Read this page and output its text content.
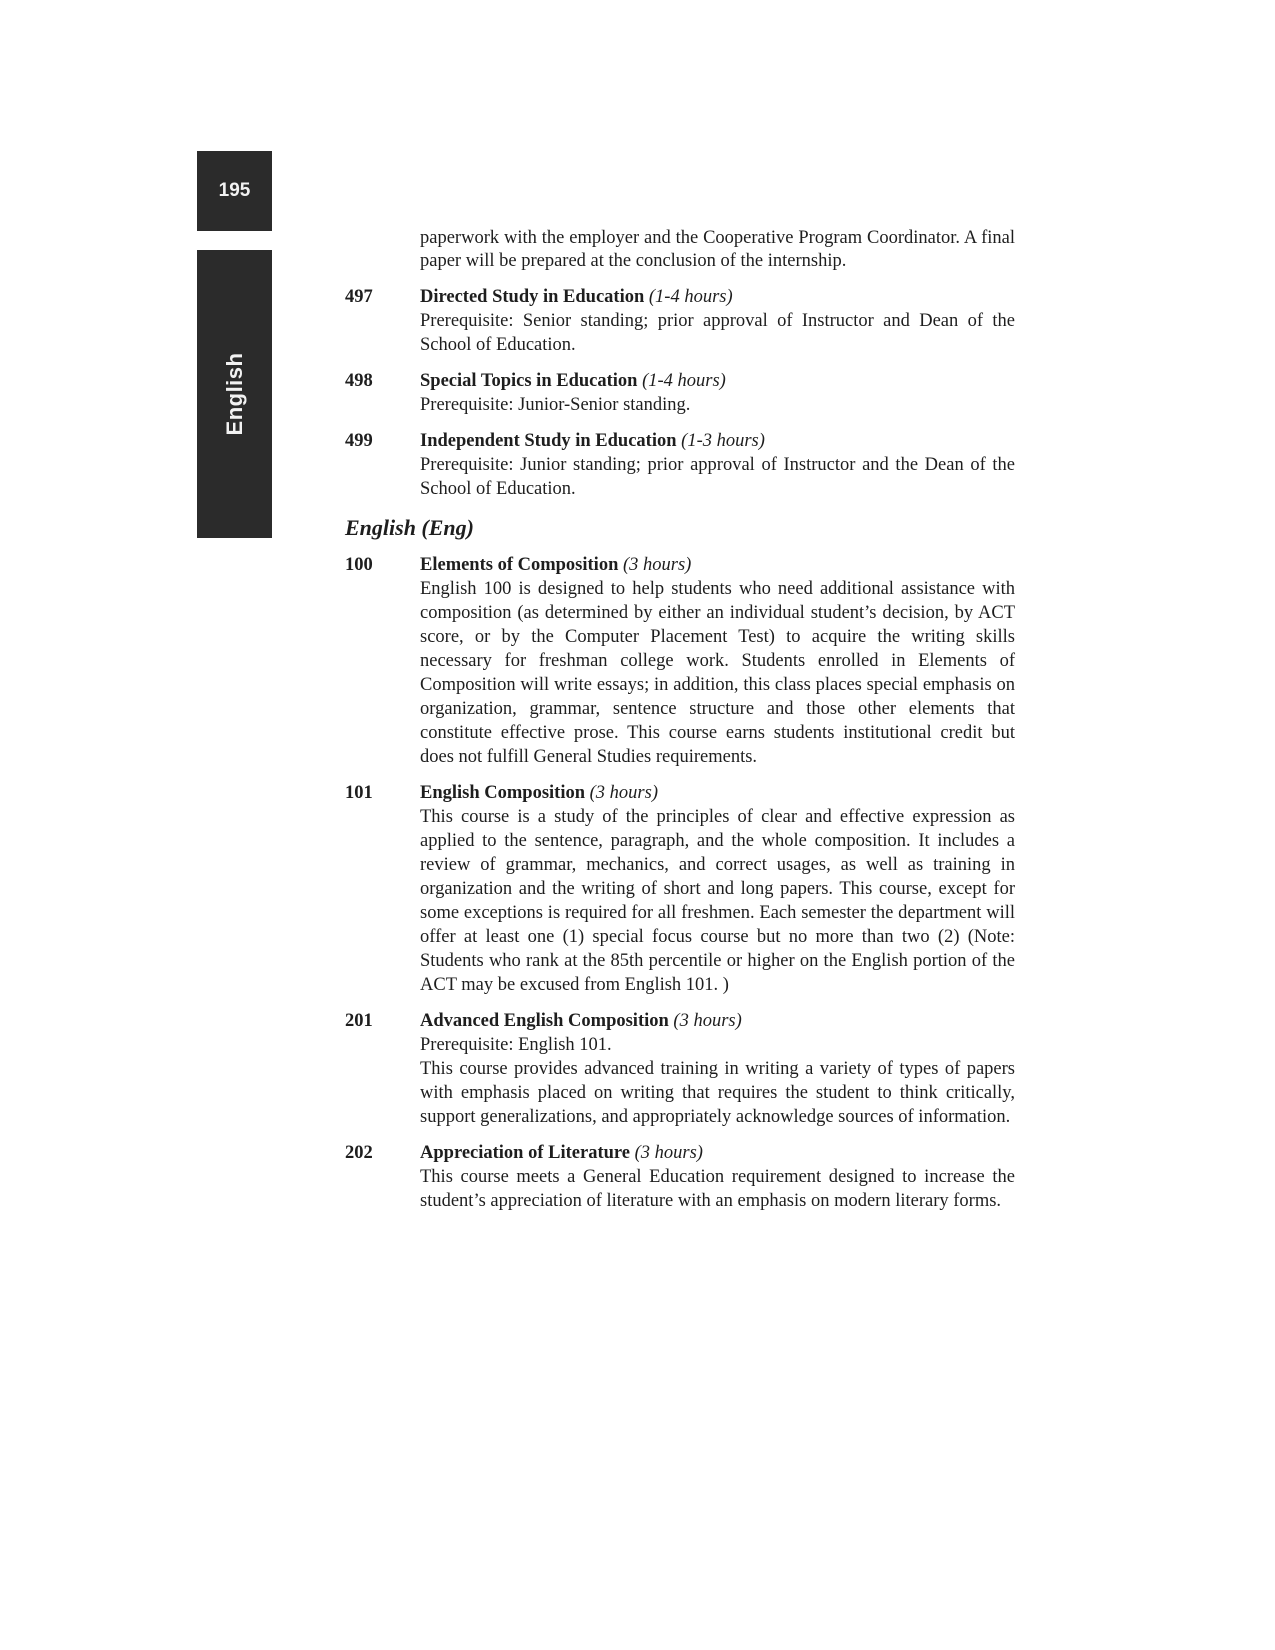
195
English
paperwork with the employer and the Cooperative Program Coordinator. A final paper will be prepared at the conclusion of the internship.
497	Directed Study in Education (1-4 hours)
Prerequisite: Senior standing; prior approval of Instructor and Dean of the School of Education.
498	Special Topics in Education (1-4 hours)
Prerequisite: Junior-Senior standing.
499	Independent Study in Education (1-3 hours)
Prerequisite: Junior standing; prior approval of Instructor and the Dean of the School of Education.
English (Eng)
100	Elements of Composition (3 hours)
English 100 is designed to help students who need additional assistance with composition (as determined by either an individual student’s decision, by ACT score, or by the Computer Placement Test) to acquire the writing skills necessary for freshman college work. Students enrolled in Elements of Composition will write essays; in addition, this class places special emphasis on organization, grammar, sentence structure and those other elements that constitute effective prose. This course earns students institutional credit but does not fulfill General Studies requirements.
101	English Composition (3 hours)
This course is a study of the principles of clear and effective expression as applied to the sentence, paragraph, and the whole composition. It includes a review of grammar, mechanics, and correct usages, as well as training in organization and the writing of short and long papers. This course, except for some exceptions is required for all freshmen. Each semester the department will offer at least one (1) special focus course but no more than two (2) (Note: Students who rank at the 85th percentile or higher on the English portion of the ACT may be excused from English 101. )
201	Advanced English Composition (3 hours)
Prerequisite: English 101.
This course provides advanced training in writing a variety of types of papers with emphasis placed on writing that requires the student to think critically, support generalizations, and appropriately acknowledge sources of information.
202	Appreciation of Literature (3 hours)
This course meets a General Education requirement designed to increase the student’s appreciation of literature with an emphasis on modern literary forms.
